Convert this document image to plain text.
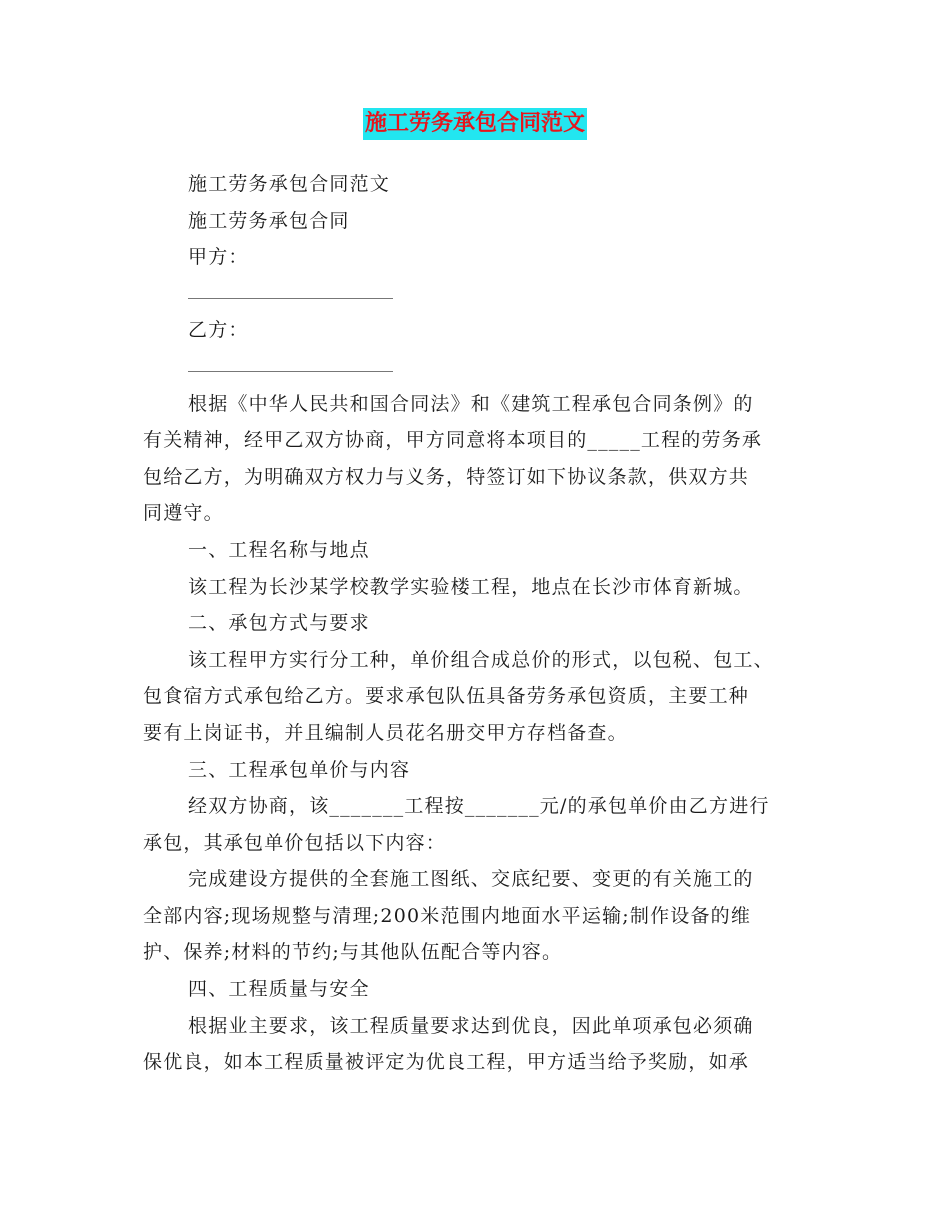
施工劳务承包合同范文
施工劳务承包合同范文
施工劳务承包合同
甲方：
乙方：
根据《中华人民共和国合同法》和《建筑工程承包合同条例》的
有关精神，经甲乙双方协商，甲方同意将本项目的_____工程的劳务承
包给乙方，为明确双方权力与义务，特签订如下协议条款，供双方共
同遵守。
一、工程名称与地点
该工程为长沙某学校教学实验楼工程，地点在长沙市体育新城。
二、承包方式与要求
该工程甲方实行分工种，单价组合成总价的形式，以包税、包工、
包食宿方式承包给乙方。要求承包队伍具备劳务承包资质，主要工种
要有上岗证书，并且编制人员花名册交甲方存档备查。
三、工程承包单价与内容
经双方协商，该_______工程按_______元/的承包单价由乙方进行
承包，其承包单价包括以下内容：
完成建设方提供的全套施工图纸、交底纪要、变更的有关施工的
全部内容;现场规整与清理;200米范围内地面水平运输;制作设备的维
护、保养;材料的节约;与其他队伍配合等内容。
四、工程质量与安全
根据业主要求，该工程质量要求达到优良，因此单项承包必须确
保优良，如本工程质量被评定为优良工程，甲方适当给予奖励，如承
